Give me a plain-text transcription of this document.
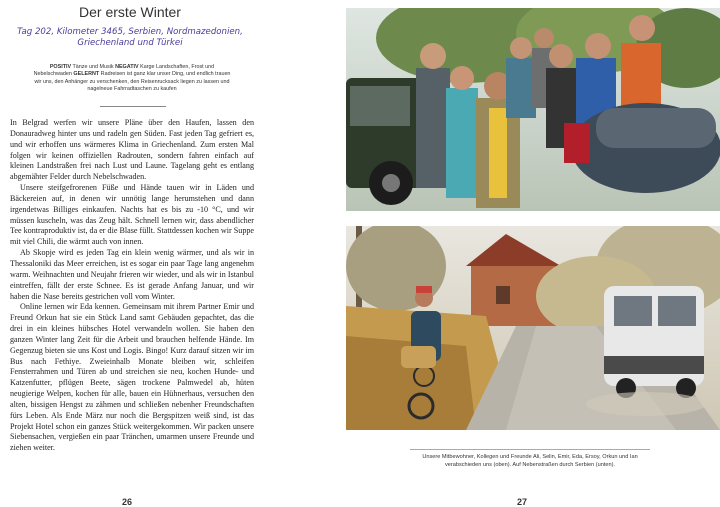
Der erste Winter
Tag 202, Kilometer 3465, Serbien, Nordmazedonien, Griechenland und Türkei
POSITIV Tänze und Musik NEGATIV Karge Landschaften, Frost und Nebelschwaden GELERNT Radreisen ist ganz klar unser Ding, und endlich trauen wir uns, den Anhänger zu verschenken, den Reisenrucksack liegen zu lassen und nagelneue Fahrradtaschen zu kaufen

In Belgrad werfen wir unsere Pläne über den Haufen, lassen den Donauradweg hinter uns und radeln gen Süden. Fast jeden Tag gefriert es, und wir erhoffen uns wärmeres Klima in Griechenland. Zum ersten Mal folgen wir keinen offiziellen Radrouten, sondern fahren einfach auf kleinen Landstraßen frei nach Lust und Laune. Tagelang geht es entlang abgemähter Felder durch Nebelschwaden.

Unsere steifgefrorenen Füße und Hände tauen wir in Läden und Bäckereien auf, in denen wir unnötig lange herumstehen und dann irgendetwas Billiges einkaufen. Nachts hat es bis zu -10 °C, und wir müssen kuscheln, was das Zeug hält. Schnell lernen wir, dass abendlicher Tee kontraproduktiv ist, da er die Blase füllt. Stattdessen kochen wir Suppe mit viel Chili, die wärmt auch von innen.

Ab Skopje wird es jeden Tag ein klein wenig wärmer, und als wir in Thessaloniki das Meer erreichen, ist es sogar ein paar Tage lang angenehm warm. Weihnachten und Neujahr frieren wir wieder, und als wir in Istanbul eintreffen, fällt der erste Schnee. Es ist gerade Anfang Januar, und wir haben die Nase bereits gestrichen voll vom Winter.

Online lernen wir Eda kennen. Gemeinsam mit ihrem Partner Emir und Freund Orkun hat sie ein Stück Land samt Gebäuden gepachtet, das die drei in ein kleines hübsches Hotel verwandeln wollen. Sie haben den ganzen Winter lang Zeit für die Arbeit und brauchen helfende Hände. Im Gegenzug bieten sie uns Kost und Logis. Bingo! Kurz darauf sitzen wir im Bus nach Fethiye. Zweieinhalb Monate bleiben wir, schleifen Fensterrahmen und Türen ab und streichen sie neu, kochen Hunde- und Katzenfutter, pflügen Beete, sägen trockene Palmwedel ab, hüten neugierige Welpen, kochen für alle, bauen ein Hühnerhaus, versuchen den alten, bissigen Hengst zu zähmen und schließen nebenher Freundschaften fürs Leben. Als Ende März nur noch die Bergspitzen weiß sind, ist das Projekt Hotel schon ein ganzes Stück weitergekommen. Wir packen unsere Siebensachen, vergießen ein paar Tränchen, umarmen unsere Freunde und ziehen weiter.

26
Unsere Mitbewohner, Kollegen und Freunde Ali, Selin, Emir, Eda, Ersoy, Orkun und Ian verabschieden uns (oben). Auf Nebenstraßen durch Serbien (unten).
27
